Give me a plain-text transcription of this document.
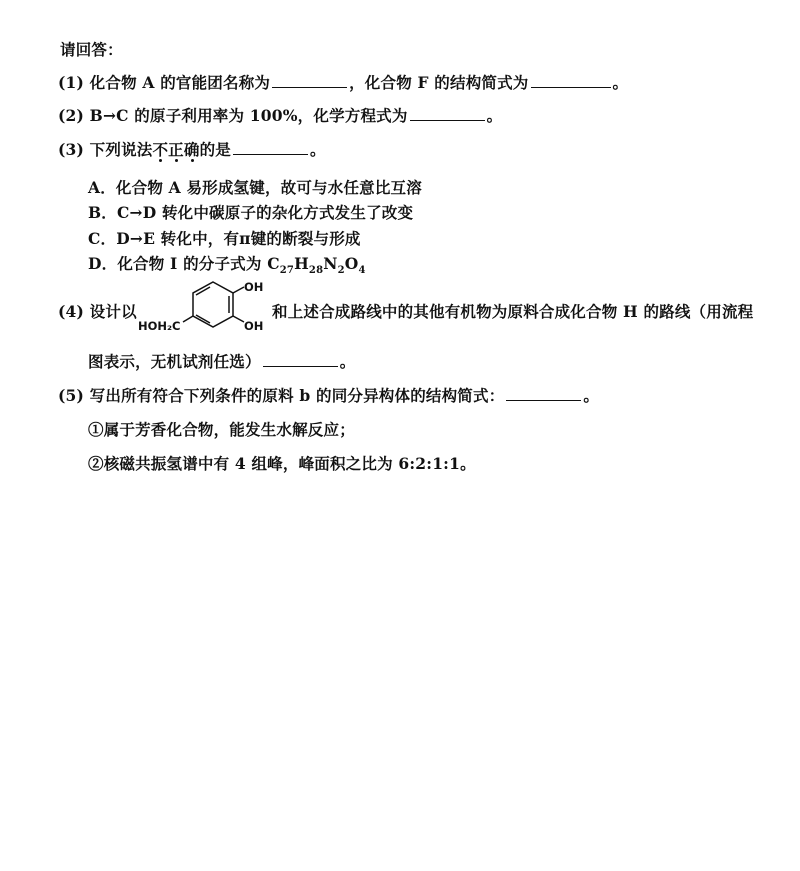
请回答：
(1) 化合物 A 的官能团名称为	，化合物 F 的结构简式为	。
(2) B→C 的原子利用率为 100%，化学方程式为	。
(3) 下列说法不正确
的是	。
A．化合物 A 易形成氢键，故可与水任意比互溶
B．C→D 转化中碳原子的杂化方式发生了改变
C．D→E 转化中，有π键的断裂与形成
D．化合物 I 的分子式为 $C_{27}H_{28}N_2O_4$
(4) 设计以
OH
OH
HOH₂C
和上述合成路线中的其他有机物为原料合成化合物 H 的路线（用流程
图表示，无机试剂任选）	。
(5) 写出所有符合下列条件的原料 b 的同分异构体的结构简式：	。
①属于芳香化合物，能发生水解反应；
②核磁共振氢谱中有 4 组峰，峰面积之比为 6:2:1:1。
